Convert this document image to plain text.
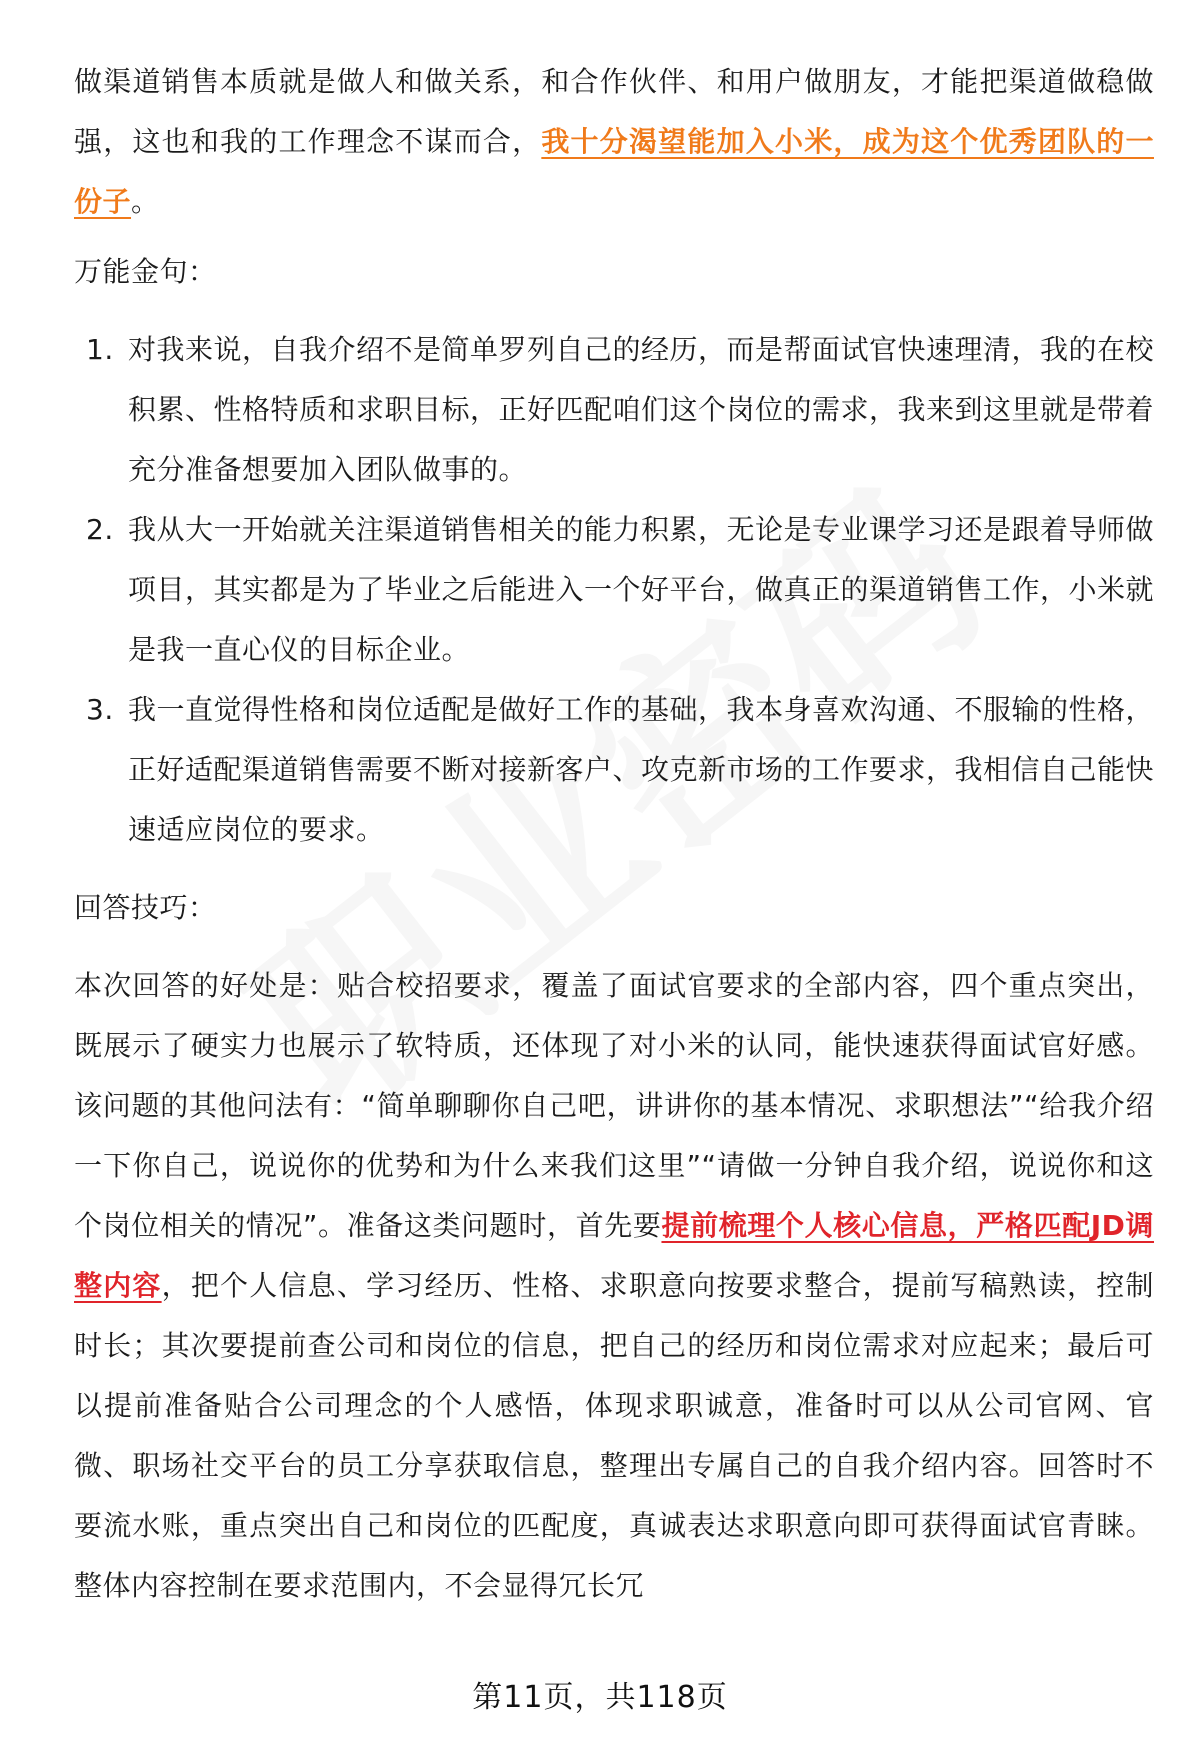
做渠道销售本质就是做人和做关系，和合作伙伴、和用户做朋友，才能把渠道做稳做强，这也和我的工作理念不谋而合，我十分渴望能加入小米，成为这个优秀团队的一份子。

万能金句：

1. 对我来说，自我介绍不是简单罗列自己的经历，而是帮面试官快速理清，我的在校积累、性格特质和求职目标，正好匹配咱们这个岗位的需求，我来到这里就是带着充分准备想要加入团队做事的。
2. 我从大一开始就关注渠道销售相关的能力积累，无论是专业课学习还是跟着导师做项目，其实都是为了毕业之后能进入一个好平台，做真正的渠道销售工作，小米就是我一直心仪的目标企业。
3. 我一直觉得性格和岗位适配是做好工作的基础，我本身喜欢沟通、不服输的性格，正好适配渠道销售需要不断对接新客户、攻克新市场的工作要求，我相信自己能快速适应岗位的要求。

回答技巧：

本次回答的好处是：贴合校招要求，覆盖了面试官要求的全部内容，四个重点突出，既展示了硬实力也展示了软特质，还体现了对小米的认同，能快速获得面试官好感。该问题的其他问法有：“简单聊聊你自己吧，讲讲你的基本情况、求职想法”“给我介绍一下你自己，说说你的优势和为什么来我们这里”“请做一分钟自我介绍，说说你和这个岗位相关的情况”。准备这类问题时，首先要提前梳理个人核心信息，严格匹配JD调整内容，把个人信息、学习经历、性格、求职意向按要求整合，提前写稿熟读，控制时长；其次要提前查公司和岗位的信息，把自己的经历和岗位需求对应起来；最后可以提前准备贴合公司理念的个人感悟，体现求职诚意，准备时可以从公司官网、官微、职场社交平台的员工分享获取信息，整理出专属自己的自我介绍内容。回答时不要流水账，重点突出自己和岗位的匹配度，真诚表达求职意向即可获得面试官青睐。整体内容控制在要求范围内，不会显得冗长冗

第11页，共118页
